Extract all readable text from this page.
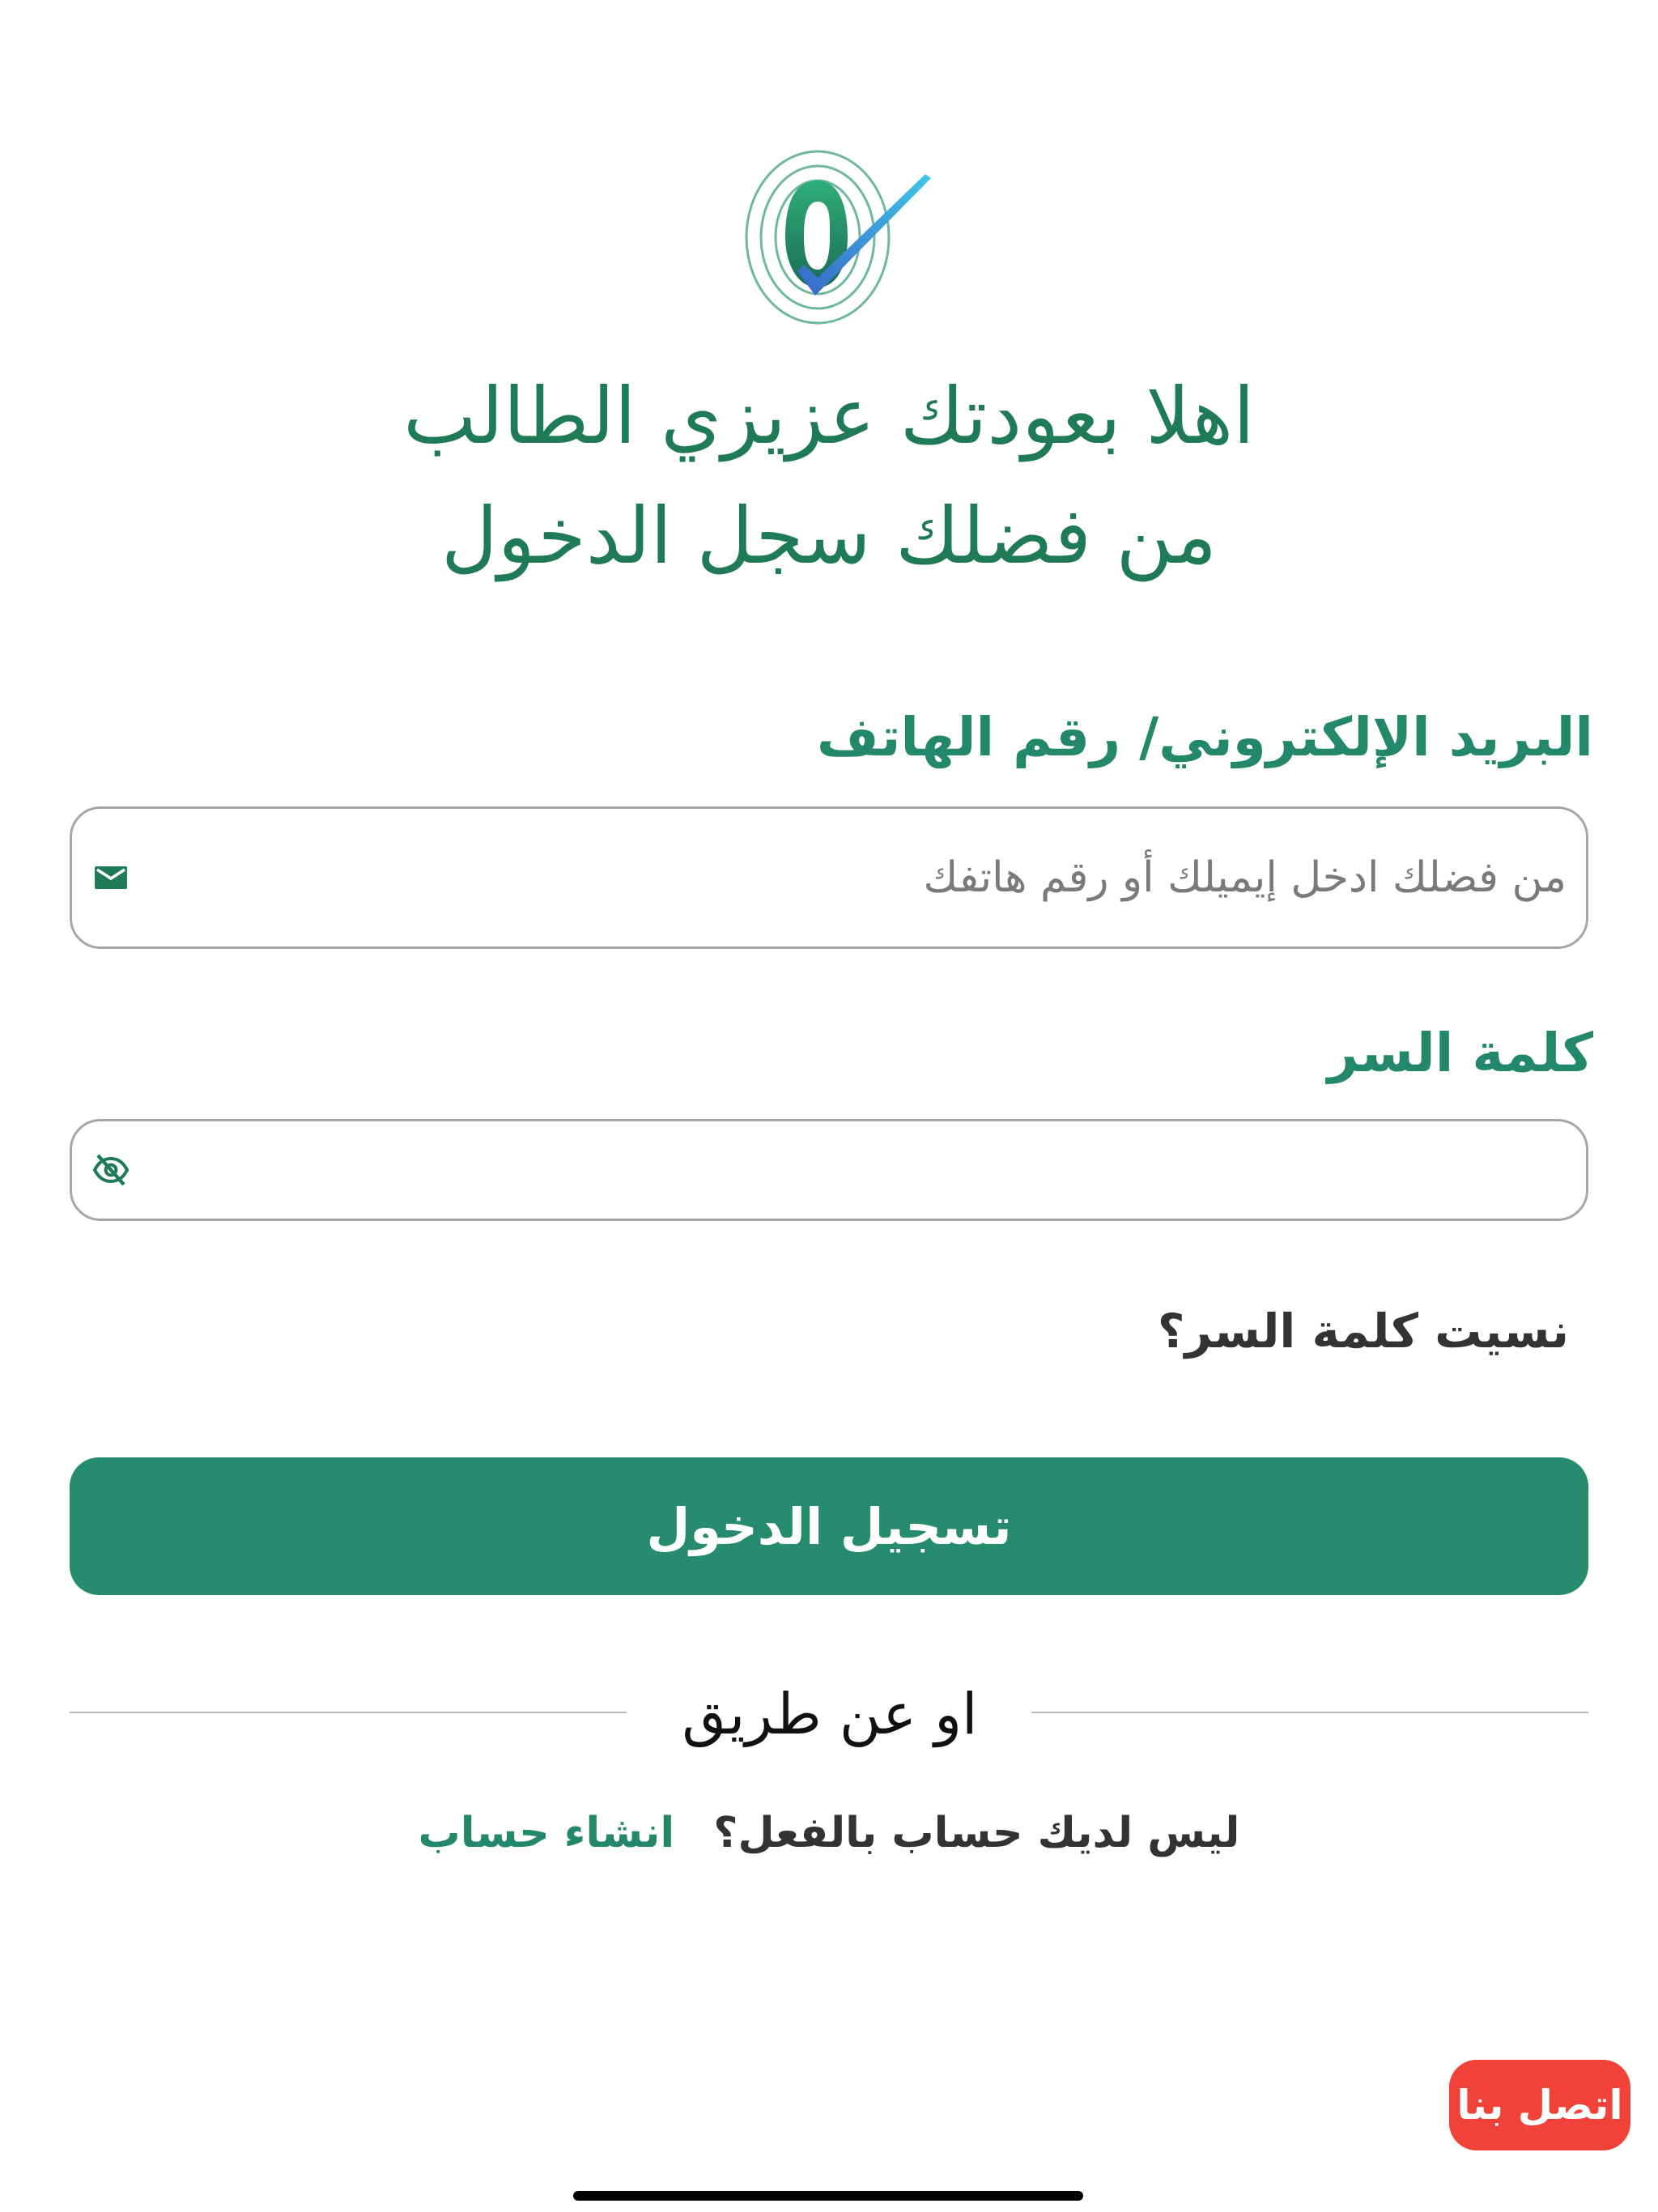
اهلا بعودتك عزيزي الطالب
من فضلك سجل الدخول
البريد الإلكتروني/ رقم الهاتف
من فضلك ادخل إيميلك أو رقم هاتفك
كلمة السر
نسيت كلمة السر؟
تسجيل الدخول
او عن طريق
ليس لديك حساب بالفعل؟ انشاء حساب
اتصل بنا
